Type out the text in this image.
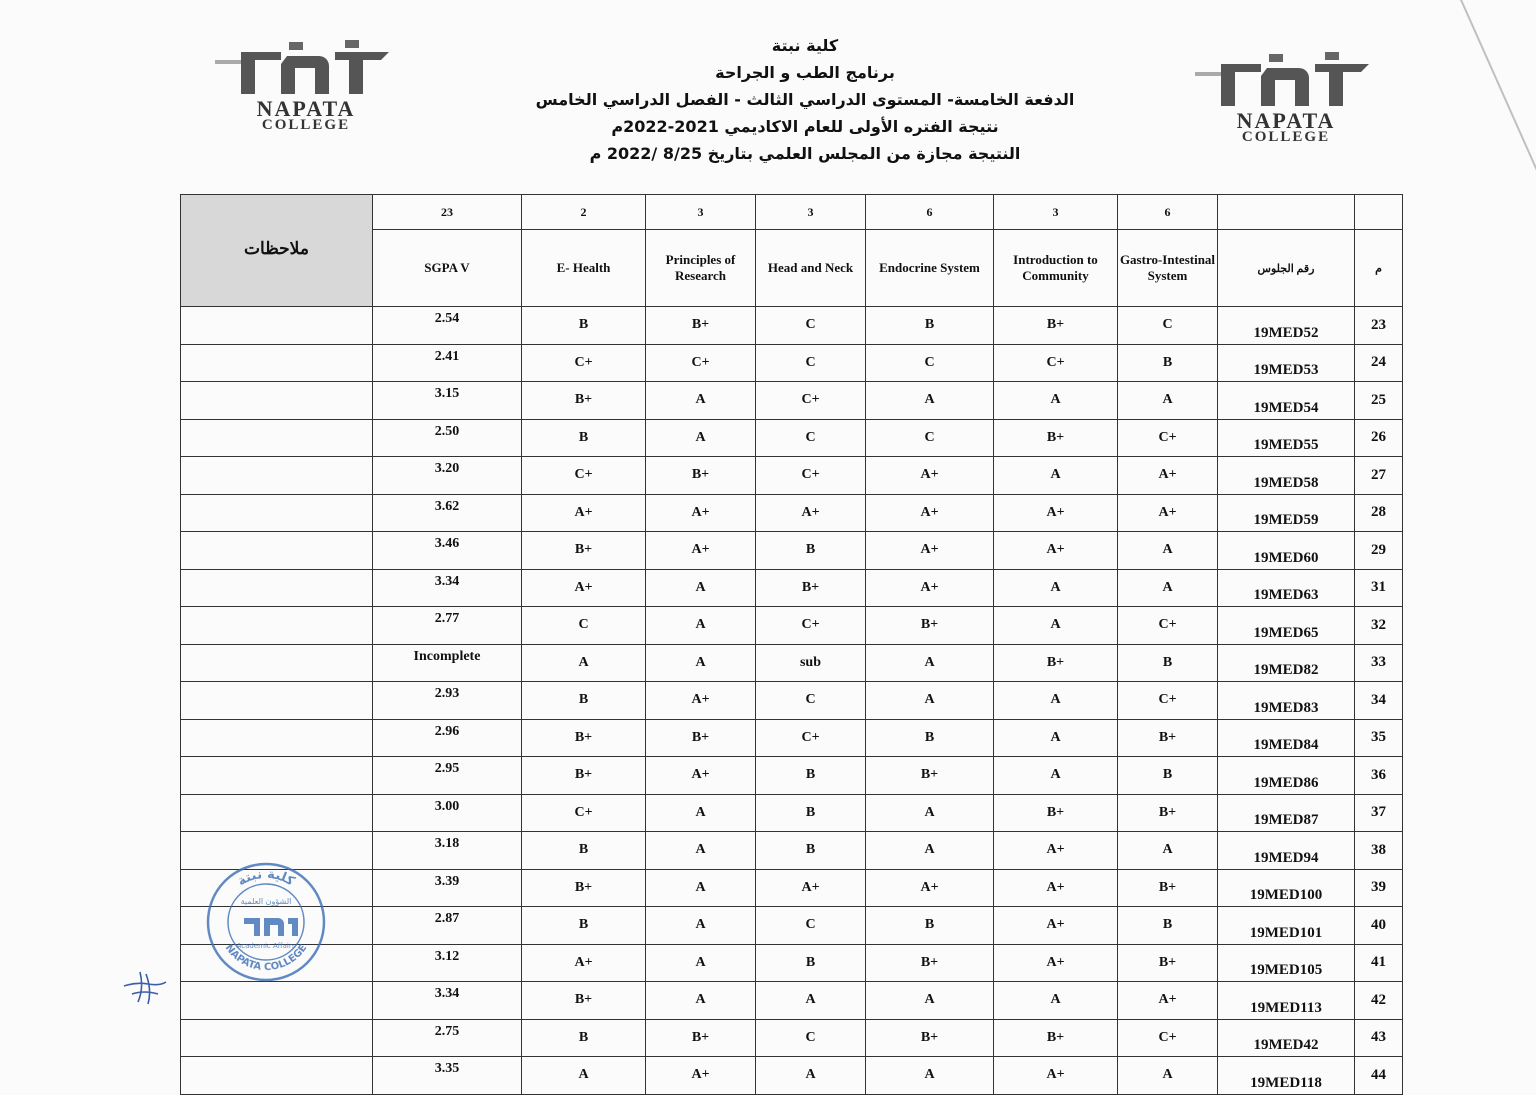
NAPATA
COLLEGE	NAPATA
COLLEGE
كلية نبتة
برنامج الطب و الجراحة
الدفعة الخامسة- المستوى الدراسي الثالث - الفصل الدراسي الخامس
نتيجة الفتره الأولى للعام الاكاديمي 2021-2022م
النتيجة مجازة من المجلس العلمي بتاريخ 8/25 /2022 م
ملاحظات	23	2	3	3	6	3	6		
	SGPA V	E- Health	Principles of Research	Head and Neck	Endocrine System	Introduction to Community	Gastro-Intestinal System	رقم الجلوس	م
	2.54	B	B+	C	B	B+	C	19MED52	23
	2.41	C+	C+	C	C	C+	B	19MED53	24
	3.15	B+	A	C+	A	A	A	19MED54	25
	2.50	B	A	C	C	B+	C+	19MED55	26
	3.20	C+	B+	C+	A+	A	A+	19MED58	27
	3.62	A+	A+	A+	A+	A+	A+	19MED59	28
	3.46	B+	A+	B	A+	A+	A	19MED60	29
	3.34	A+	A	B+	A+	A	A	19MED63	31
	2.77	C	A	C+	B+	A	C+	19MED65	32
	Incomplete	A	A	sub	A	B+	B	19MED82	33
	2.93	B	A+	C	A	A	C+	19MED83	34
	2.96	B+	B+	C+	B	A	B+	19MED84	35
	2.95	B+	A+	B	B+	A	B	19MED86	36
	3.00	C+	A	B	A	B+	B+	19MED87	37
	3.18	B	A	B	A	A+	A	19MED94	38
	3.39	B+	A	A+	A+	A+	B+	19MED100	39
	2.87	B	A	C	B	A+	B	19MED101	40
	3.12	A+	A	B	B+	A+	B+	19MED105	41
	3.34	B+	A	A	A	A	A+	19MED113	42
	2.75	B	B+	C	B+	B+	C+	19MED42	43
	3.35	A	A+	A	A	A+	A	19MED118	44
كلية نبتة
NAPATA COLLEGE
الشؤون العلمية
Academic Affairs
